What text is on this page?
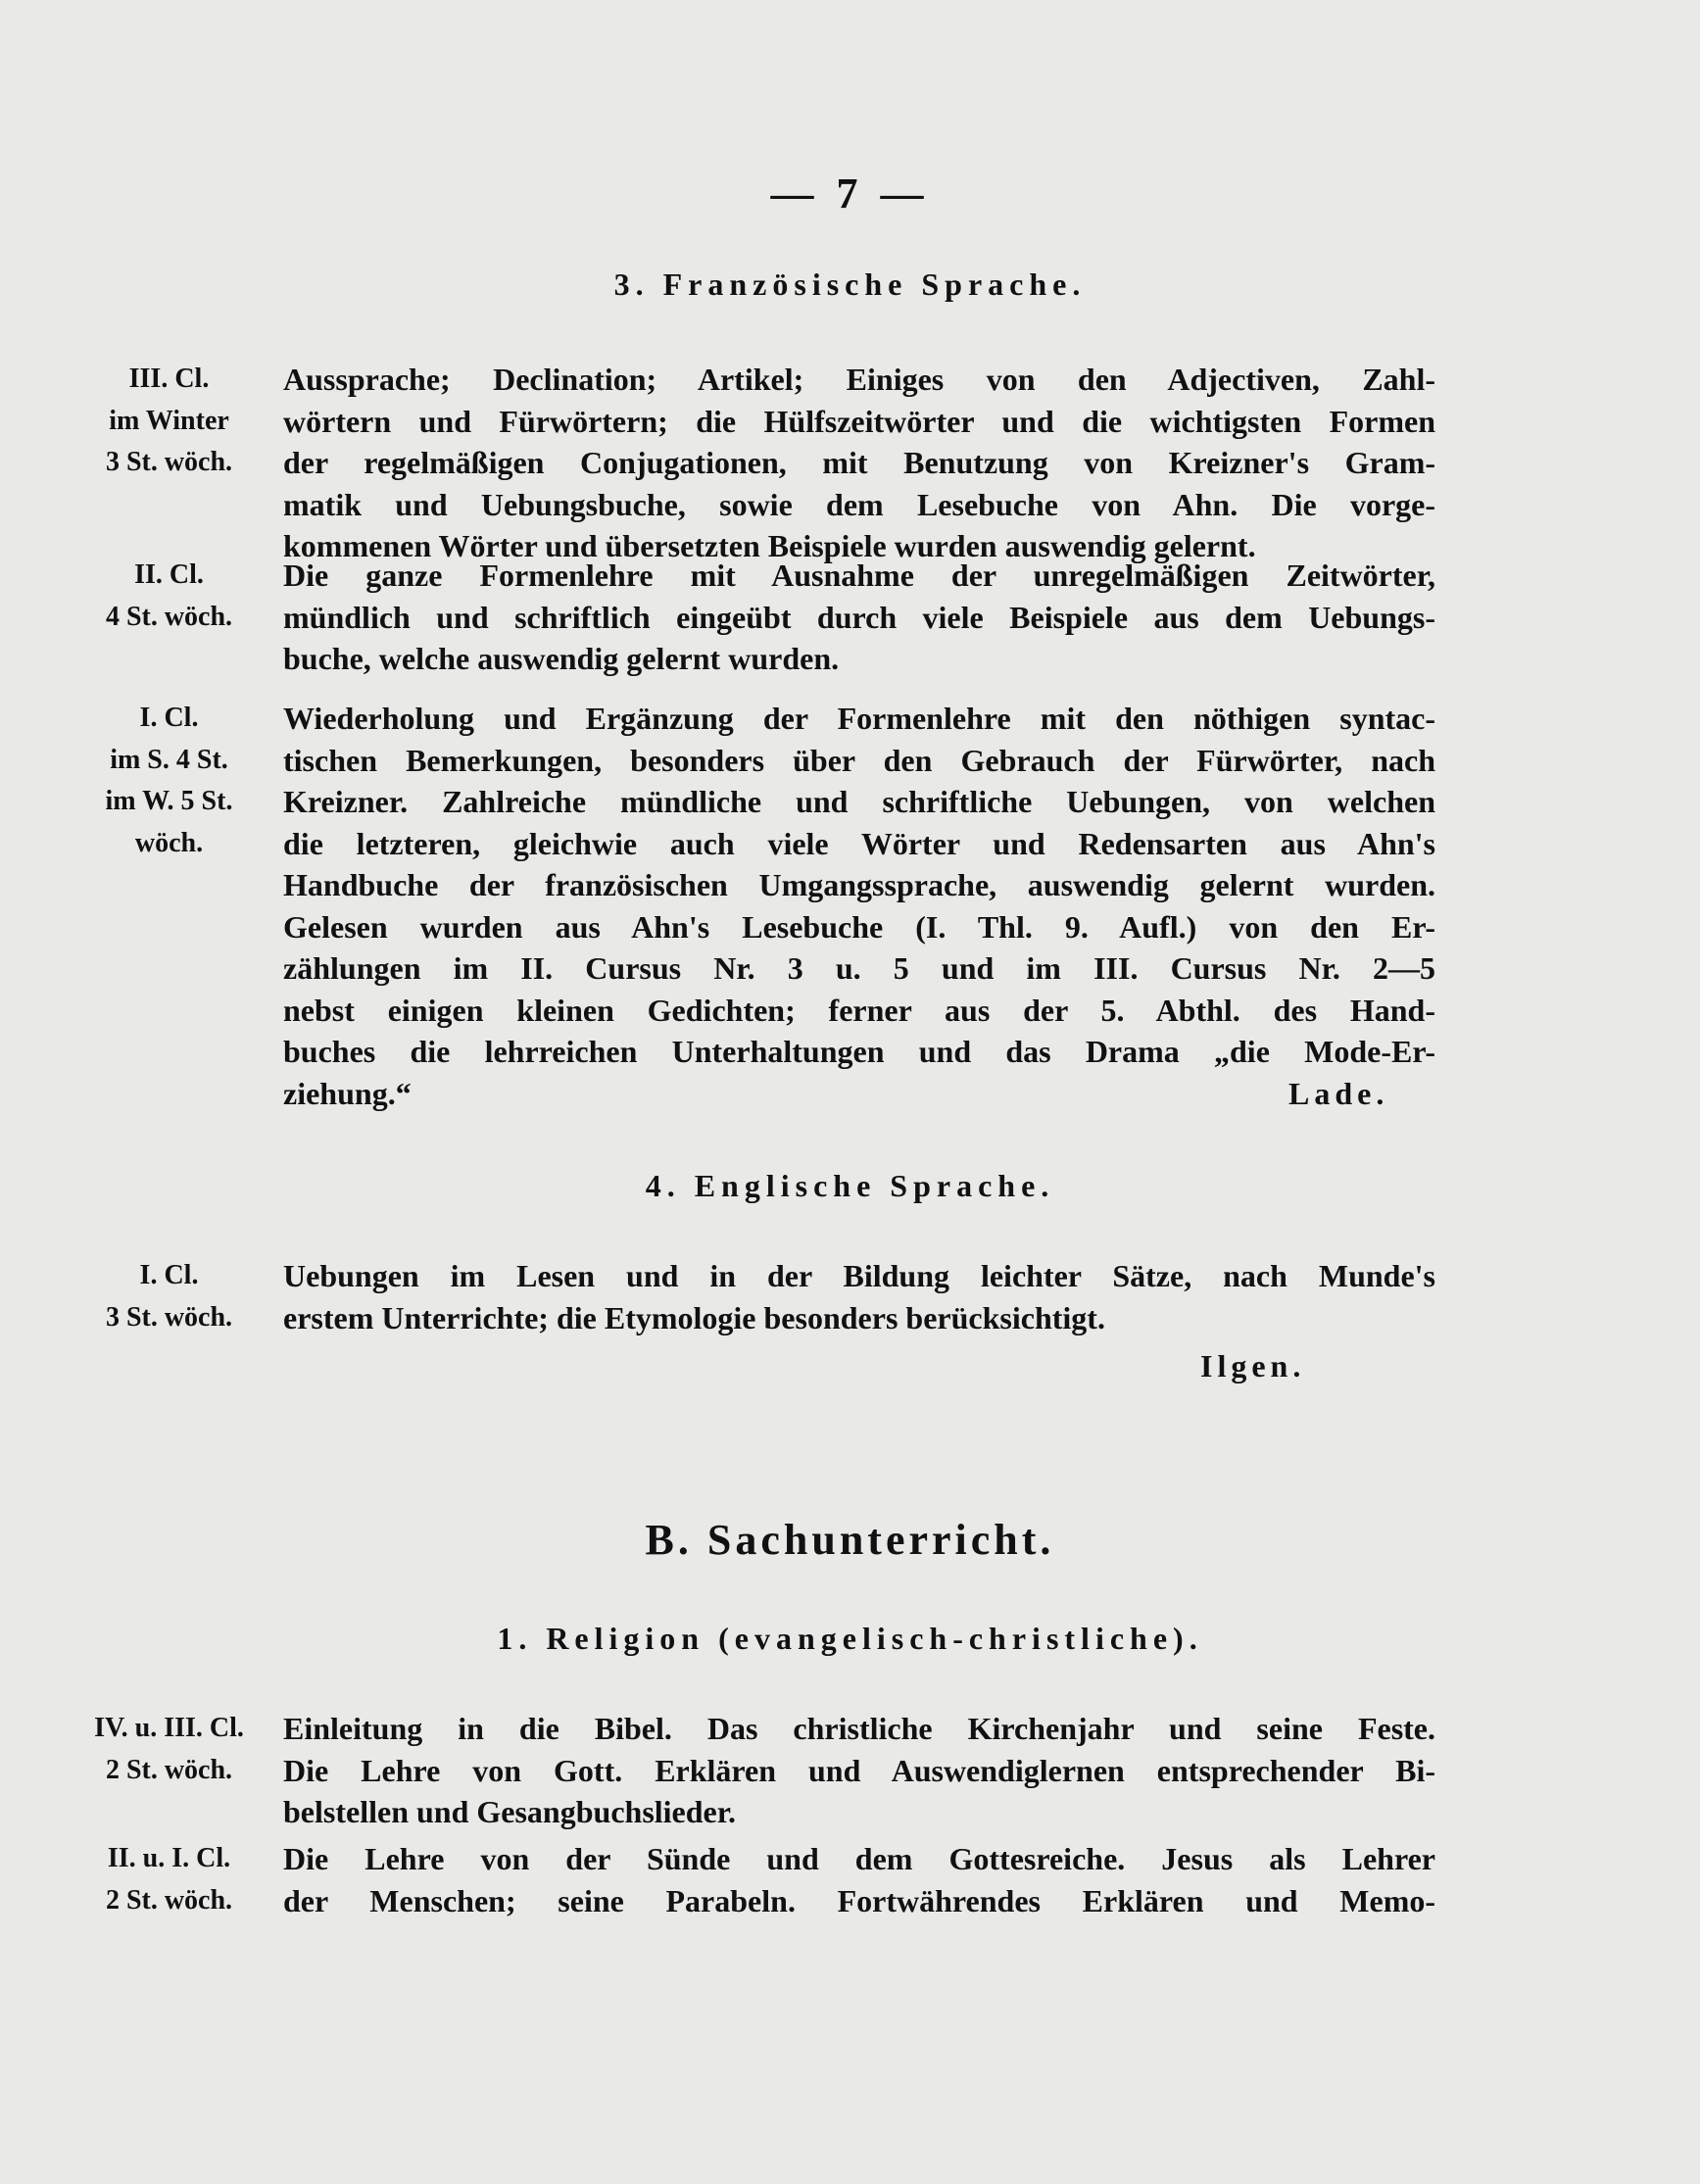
— 7 —
3. Französische Sprache.
III. Cl.
im Winter
3 St. wöch.
Aussprache; Declination; Artikel; Einiges von den Adjectiven, Zahl-
wörtern und Fürwörtern; die Hülfszeitwörter und die wichtigsten Formen
der regelmäßigen Conjugationen, mit Benutzung von Kreizner's Gram-
matik und Uebungsbuche, sowie dem Lesebuche von Ahn. Die vorge-
kommenen Wörter und übersetzten Beispiele wurden auswendig gelernt.
II. Cl.
4 St. wöch.
Die ganze Formenlehre mit Ausnahme der unregelmäßigen Zeitwörter,
mündlich und schriftlich eingeübt durch viele Beispiele aus dem Uebungs-
buche, welche auswendig gelernt wurden.
I. Cl.
im S. 4 St.
im W. 5 St.
wöch.
Wiederholung und Ergänzung der Formenlehre mit den nöthigen syntac-
tischen Bemerkungen, besonders über den Gebrauch der Fürwörter, nach
Kreizner. Zahlreiche mündliche und schriftliche Uebungen, von welchen
die letzteren, gleichwie auch viele Wörter und Redensarten aus Ahn's
Handbuche der französischen Umgangssprache, auswendig gelernt wurden.
Gelesen wurden aus Ahn's Lesebuche (I. Thl. 9. Aufl.) von den Er-
zählungen im II. Cursus Nr. 3 u. 5 und im III. Cursus Nr. 2—5
nebst einigen kleinen Gedichten; ferner aus der 5. Abthl. des Hand-
buches die lehrreichen Unterhaltungen und das Drama „die Mode-Er-
ziehung.“	Lade.
4. Englische Sprache.
I. Cl.
3 St. wöch.
Uebungen im Lesen und in der Bildung leichter Sätze, nach Munde's
erstem Unterrichte; die Etymologie besonders berücksichtigt.
Ilgen.
B. Sachunterricht.
1. Religion (evangelisch-christliche).
IV. u. III. Cl.
2 St. wöch.
Einleitung in die Bibel. Das christliche Kirchenjahr und seine Feste.
Die Lehre von Gott. Erklären und Auswendiglernen entsprechender Bi-
belstellen und Gesangbuchslieder.
II. u. I. Cl.
2 St. wöch.
Die Lehre von der Sünde und dem Gottesreiche. Jesus als Lehrer
der Menschen; seine Parabeln. Fortwährendes Erklären und Memo-
